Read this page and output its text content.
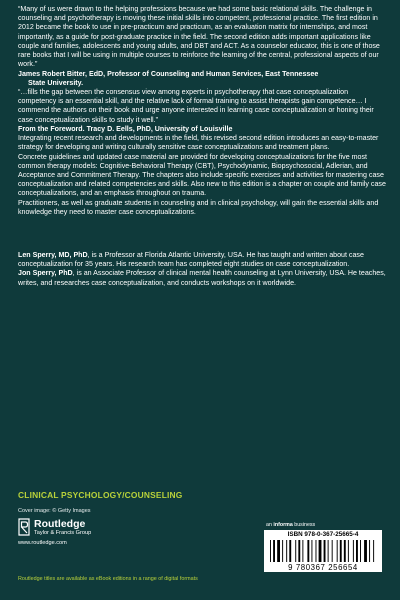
“Many of us were drawn to the helping professions because we had some basic relational skills. The challenge in counseling and psychotherapy is moving these initial skills into competent, professional practice. The first edition in 2012 became the book to use in pre-practicum and practicum, as an evaluation matrix for internships, and most importantly, as a guide for post-graduate practice in the field. The second edition adds important applications like couple and families, adolescents and young adults, and DBT and ACT. As a counselor educator, this is one of those rare books that I will be using in multiple courses to reinforce the learning of the central, professional aspects of our work.”

James Robert Bitter, EdD, Professor of Counseling and Human Services, East Tennessee
State University.

“…fills the gap between the consensus view among experts in psychotherapy that case conceptualization competency is an essential skill, and the relative lack of formal training to assist therapists gain competence… I commend the authors on their book and urge anyone interested in learning case conceptualization or honing their case conceptualization skills to study it well.”

From the Foreword. Tracy D. Eells, PhD, University of Louisville

Integrating recent research and developments in the field, this revised second edition introduces an easy-to-master strategy for developing and writing culturally sensitive case conceptualizations and treatment plans.

Concrete guidelines and updated case material are provided for developing conceptualizations for the five most common therapy models: Cognitive-Behavioral Therapy (CBT), Psychodynamic, Biopsychosocial, Adlerian, and Acceptance and Commitment Therapy. The chapters also include specific exercises and activities for mastering case conceptualization and related competencies and skills. Also new to this edition is a chapter on couple and family case conceptualizations, and an emphasis throughout on trauma.

Practitioners, as well as graduate students in counseling and in clinical psychology, will gain the essential skills and knowledge they need to master case conceptualizations.

Len Sperry, MD, PhD, is a Professor at Florida Atlantic University, USA. He has taught and written about case conceptualization for 35 years. His research team has completed eight studies on case conceptualization.

Jon Sperry, PhD, is an Associate Professor of clinical mental health counseling at Lynn University, USA. He teaches, writes, and researches case conceptualization, and conducts workshops on it worldwide.

CLINICAL PSYCHOLOGY/COUNSELING
Cover image: © Getty Images
Routledge
Taylor & Francis Group
www.routledge.com
an informa business
ISBN 978-0-367-25665-4
9 780367 256654
Routledge titles are available as eBook editions in a range of digital formats
